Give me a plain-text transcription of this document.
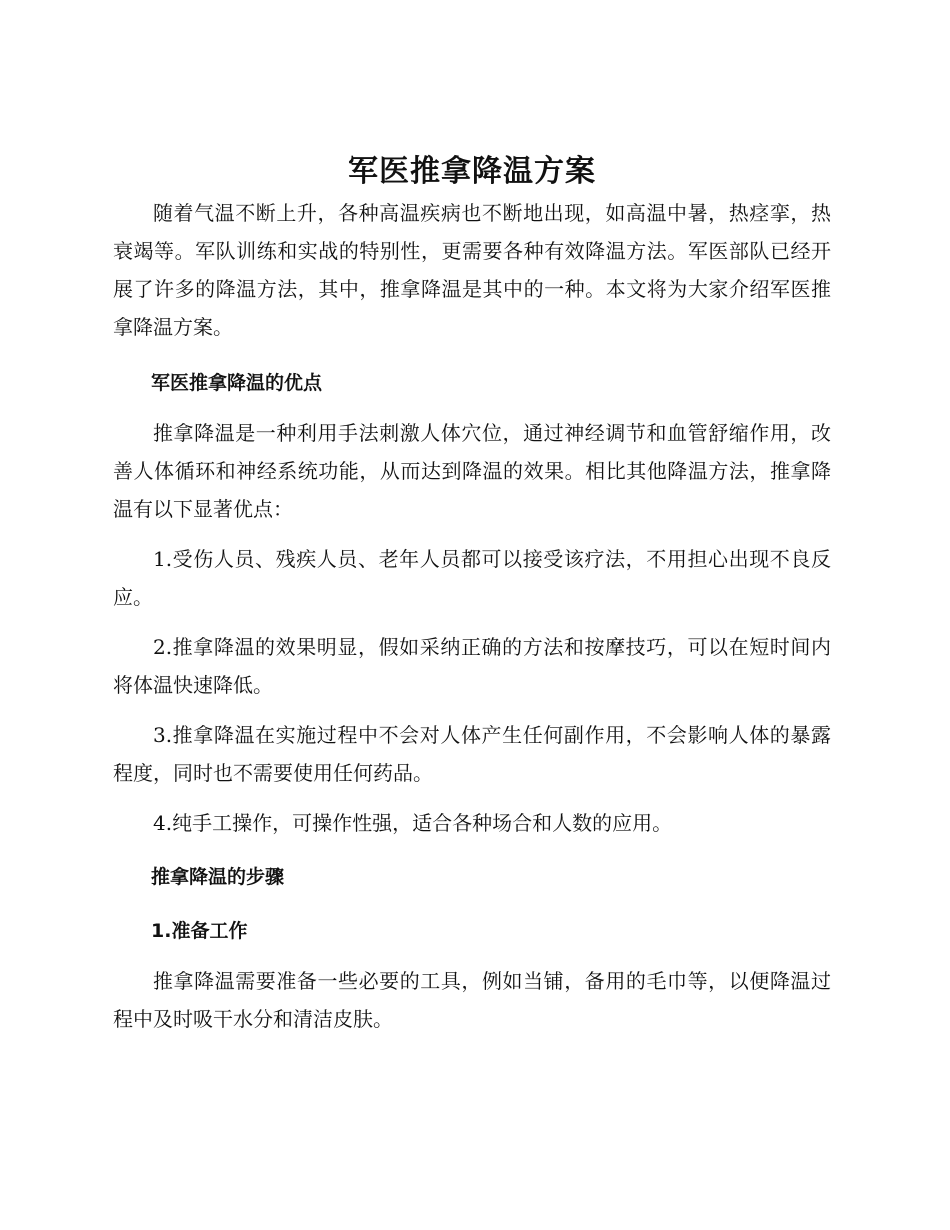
军医推拿降温方案

随着气温不断上升，各种高温疾病也不断地出现，如高温中暑，热痉挛，热衰竭等。军队训练和实战的特别性，更需要各种有效降温方法。军医部队已经开展了许多的降温方法，其中，推拿降温是其中的一种。本文将为大家介绍军医推拿降温方案。

军医推拿降温的优点

推拿降温是一种利用手法刺激人体穴位，通过神经调节和血管舒缩作用，改善人体循环和神经系统功能，从而达到降温的效果。相比其他降温方法，推拿降温有以下显著优点：

1.受伤人员、残疾人员、老年人员都可以接受该疗法，不用担心出现不良反应。

2.推拿降温的效果明显，假如采纳正确的方法和按摩技巧，可以在短时间内将体温快速降低。

3.推拿降温在实施过程中不会对人体产生任何副作用，不会影响人体的暴露程度，同时也不需要使用任何药品。

4.纯手工操作，可操作性强，适合各种场合和人数的应用。

推拿降温的步骤
1.准备工作

推拿降温需要准备一些必要的工具，例如当铺，备用的毛巾等，以便降温过程中及时吸干水分和清洁皮肤。
